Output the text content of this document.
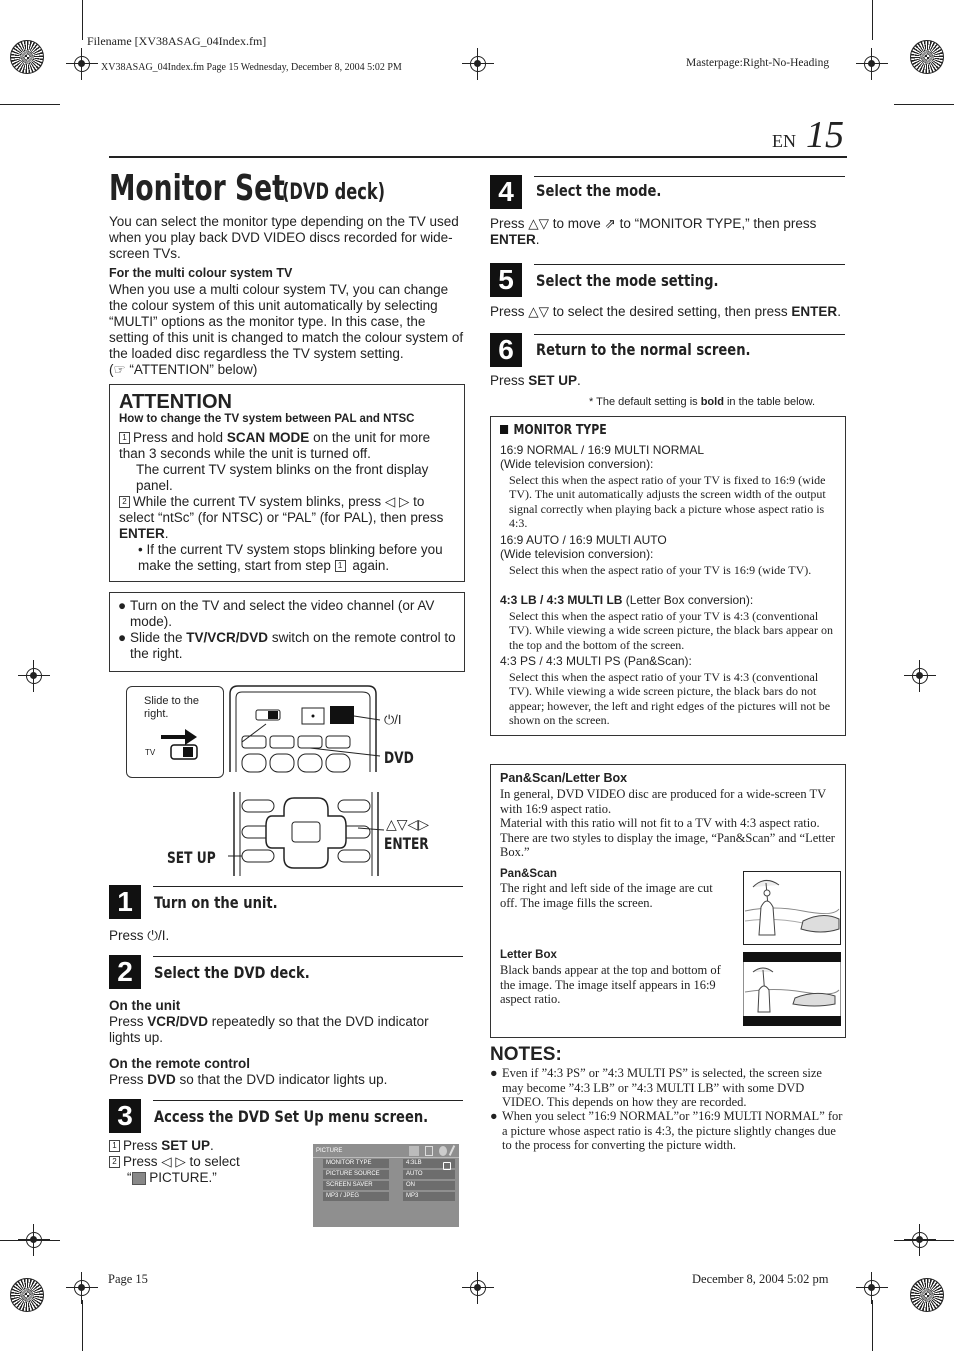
Filename [XV38ASAG_04Index.fm]
XV38ASAG_04Index.fm Page 15 Wednesday, December 8, 2004 5:02 PM	Masterpage:Right-No-Heading
EN 15
Monitor Set
(DVD deck)
You can select the monitor type depending on the TV used when you play back DVD VIDEO discs recorded for wide-screen TVs.
For the multi colour system TV
When you use a multi colour system TV, you can change the colour system of this unit automatically by selecting “MULTI” options as the monitor type. In this case, the setting of this unit is changed to match the colour system of the loaded disc regardless the TV system setting.
(☞ “ATTENTION” below)
ATTENTION
How to change the TV system between PAL and NTSC
1 Press and hold SCAN MODE on the unit for more than 3 seconds while the unit is turned off.
The current TV system blinks on the front display panel.
2 While the current TV system blinks, press ◁ ▷ to select “ntSc” (for NTSC) or “PAL” (for PAL), then press ENTER.
• If the current TV system stops blinking before you make the setting, start from step 1 again.
● Turn on the TV and select the video channel (or AV mode).
● Slide the TV/VCR/DVD switch on the remote control to the right.
Slide to the right.
TV
⏻/I
DVD
△▽◁▷
ENTER
SET UP
1	Turn on the unit.
Press ⏻/I.
2	Select the DVD deck.
On the unit
Press VCR/DVD repeatedly so that the DVD indicator lights up.
On the remote control
Press DVD so that the DVD indicator lights up.
3	Access the DVD Set Up menu screen.
1 Press SET UP.
2 Press ◁ ▷ to select
“ PICTURE.”
PICTURE
MONITOR TYPE	4:3LB
PICTURE SOURCE	AUTO
SCREEN SAVER	ON
MP3 / JPEG	MP3
4	Select the mode.
Press △▽ to move ⇗ to “MONITOR TYPE,” then press ENTER.
5	Select the mode setting.
Press △▽ to select the desired setting, then press ENTER.
6	Return to the normal screen.
Press SET UP.
* The default setting is bold in the table below.
MONITOR TYPE
16:9 NORMAL / 16:9 MULTI NORMAL
(Wide television conversion):
Select this when the aspect ratio of your TV is fixed to 16:9 (wide TV). The unit automatically adjusts the screen width of the output signal correctly when playing back a picture whose aspect ratio is 4:3.
16:9 AUTO / 16:9 MULTI AUTO
(Wide television conversion):
Select this when the aspect ratio of your TV is 16:9 (wide TV).
4:3 LB / 4:3 MULTI LB (Letter Box conversion):
Select this when the aspect ratio of your TV is 4:3 (conventional TV). While viewing a wide screen picture, the black bars appear on the top and the bottom of the screen.
4:3 PS / 4:3 MULTI PS (Pan&Scan):
Select this when the aspect ratio of your TV is 4:3 (conventional TV). While viewing a wide screen picture, the black bars do not appear; however, the left and right edges of the pictures will not be shown on the screen.
Pan&Scan/Letter Box
In general, DVD VIDEO disc are produced for a wide-screen TV with 16:9 aspect ratio.
Material with this ratio will not fit to a TV with 4:3 aspect ratio. There are two styles to display the image, “Pan&Scan” and “Letter Box.”
Pan&Scan
The right and left side of the image are cut off. The image fills the screen.
Letter Box
Black bands appear at the top and bottom of the image. The image itself appears in 16:9 aspect ratio.
NOTES:
● Even if ”4:3 PS” or ”4:3 MULTI PS” is selected, the screen size may become ”4:3 LB” or ”4:3 MULTI LB” with some DVD VIDEO. This depends on how they are recorded.
● When you select ”16:9 NORMAL”or ”16:9 MULTI NORMAL” for a picture whose aspect ratio is 4:3, the picture slightly changes due to the process for converting the picture width.
Page 15	December 8, 2004 5:02 pm
